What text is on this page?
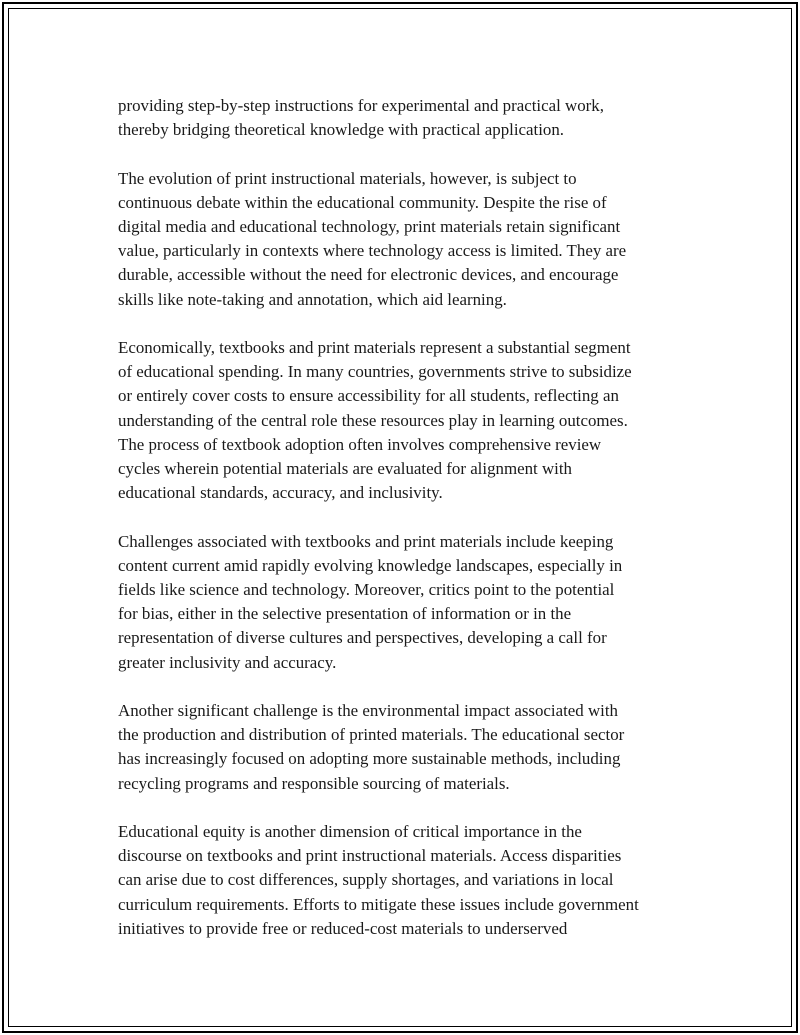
providing step-by-step instructions for experimental and practical work,
thereby bridging theoretical knowledge with practical application.

The evolution of print instructional materials, however, is subject to
continuous debate within the educational community. Despite the rise of
digital media and educational technology, print materials retain significant
value, particularly in contexts where technology access is limited. They are
durable, accessible without the need for electronic devices, and encourage
skills like note-taking and annotation, which aid learning.

Economically, textbooks and print materials represent a substantial segment
of educational spending. In many countries, governments strive to subsidize
or entirely cover costs to ensure accessibility for all students, reflecting an
understanding of the central role these resources play in learning outcomes.
The process of textbook adoption often involves comprehensive review
cycles wherein potential materials are evaluated for alignment with
educational standards, accuracy, and inclusivity.

Challenges associated with textbooks and print materials include keeping
content current amid rapidly evolving knowledge landscapes, especially in
fields like science and technology. Moreover, critics point to the potential
for bias, either in the selective presentation of information or in the
representation of diverse cultures and perspectives, developing a call for
greater inclusivity and accuracy.

Another significant challenge is the environmental impact associated with
the production and distribution of printed materials. The educational sector
has increasingly focused on adopting more sustainable methods, including
recycling programs and responsible sourcing of materials.

Educational equity is another dimension of critical importance in the
discourse on textbooks and print instructional materials. Access disparities
can arise due to cost differences, supply shortages, and variations in local
curriculum requirements. Efforts to mitigate these issues include government
initiatives to provide free or reduced-cost materials to underserved
